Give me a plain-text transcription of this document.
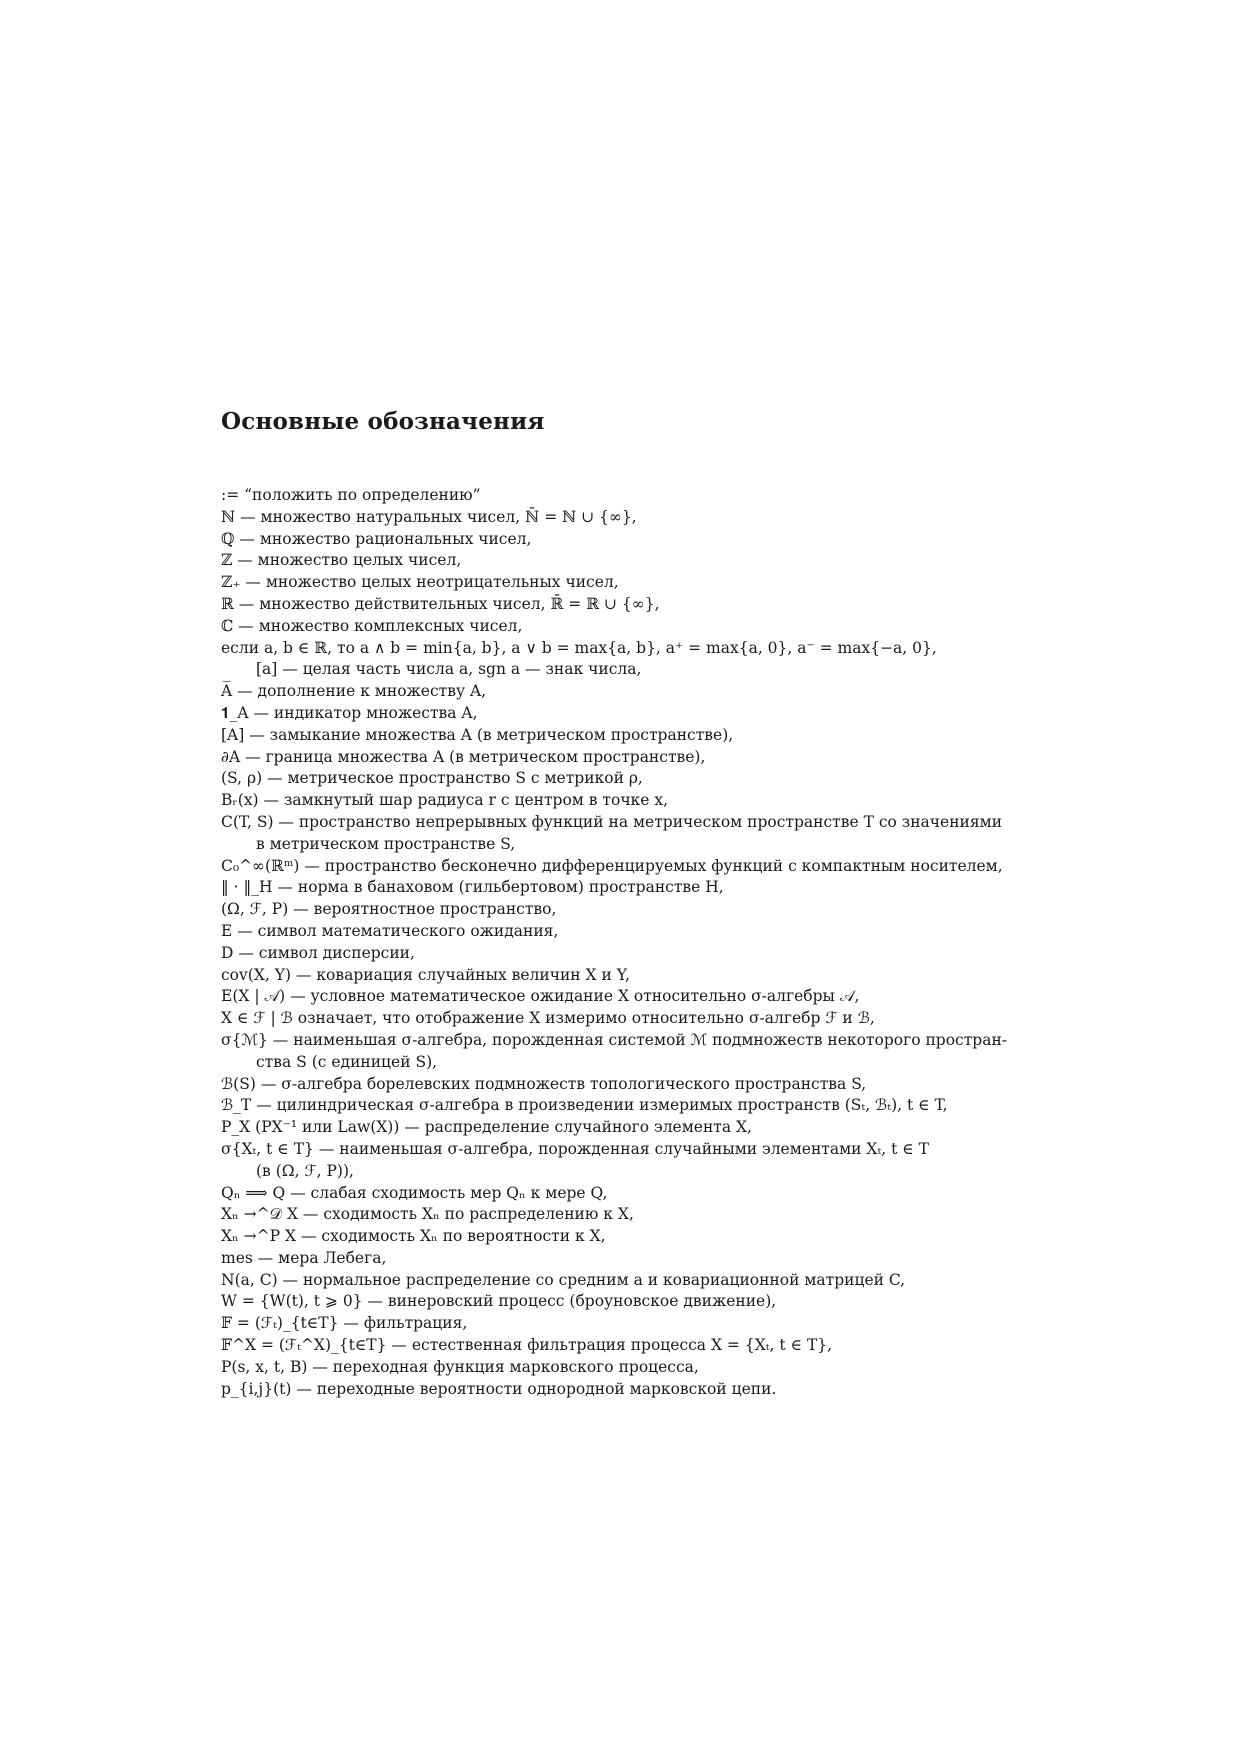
Основные обозначения
:= “положить по определению”
ℕ — множество натуральных чисел, ℕ̄ = ℕ ∪ {∞},
ℚ — множество рациональных чисел,
ℤ — множество целых чисел,
ℤ₊ — множество целых неотрицательных чисел,
ℝ — множество действительных чисел, ℝ̄ = ℝ ∪ {∞},
ℂ — множество комплексных чисел,
если a, b ∈ ℝ, то a ∧ b = min{a, b}, a ∨ b = max{a, b}, a⁺ = max{a, 0}, a⁻ = max{−a, 0},
[a] — целая часть числа a, sgn a — знак числа,
A̅ — дополнение к множеству A,
𝟏_A — индикатор множества A,
[A] — замыкание множества A (в метрическом пространстве),
∂A — граница множества A (в метрическом пространстве),
(S, ρ) — метрическое пространство S с метрикой ρ,
Bᵣ(x) — замкнутый шар радиуса r с центром в точке x,
C(T, S) — пространство непрерывных функций на метрическом пространстве T со значениями
в метрическом пространстве S,
C₀^∞(ℝᵐ) — пространство бесконечно дифференцируемых функций с компактным носителем,
‖ · ‖_H — норма в банаховом (гильбертовом) пространстве H,
(Ω, ℱ, P) — вероятностное пространство,
E — символ математического ожидания,
D — символ дисперсии,
cov(X, Y) — ковариация случайных величин X и Y,
E(X | 𝒜) — условное математическое ожидание X относительно σ-алгебры 𝒜,
X ∈ ℱ | ℬ означает, что отображение X измеримо относительно σ-алгебр ℱ и ℬ,
σ{ℳ} — наименьшая σ-алгебра, порожденная системой ℳ подмножеств некоторого простран-
ства S (с единицей S),
ℬ(S) — σ-алгебра борелевских подмножеств топологического пространства S,
ℬ_T — цилиндрическая σ-алгебра в произведении измеримых пространств (Sₜ, ℬₜ), t ∈ T,
P_X (PX⁻¹ или Law(X)) — распределение случайного элемента X,
σ{Xₜ, t ∈ T} — наименьшая σ-алгебра, порожденная случайными элементами Xₜ, t ∈ T
(в (Ω, ℱ, P)),
Qₙ ⟹ Q — слабая сходимость мер Qₙ к мере Q,
Xₙ →^𝒟 X — сходимость Xₙ по распределению к X,
Xₙ →^P X — сходимость Xₙ по вероятности к X,
mes — мера Лебега,
N(a, C) — нормальное распределение со средним a и ковариационной матрицей C,
W = {W(t), t ⩾ 0} — винеровский процесс (броуновское движение),
𝔽 = (ℱₜ)_{t∈T} — фильтрация,
𝔽^X = (ℱₜ^X)_{t∈T} — естественная фильтрация процесса X = {Xₜ, t ∈ T},
P(s, x, t, B) — переходная функция марковского процесса,
p_{i,j}(t) — переходные вероятности однородной марковской цепи.
